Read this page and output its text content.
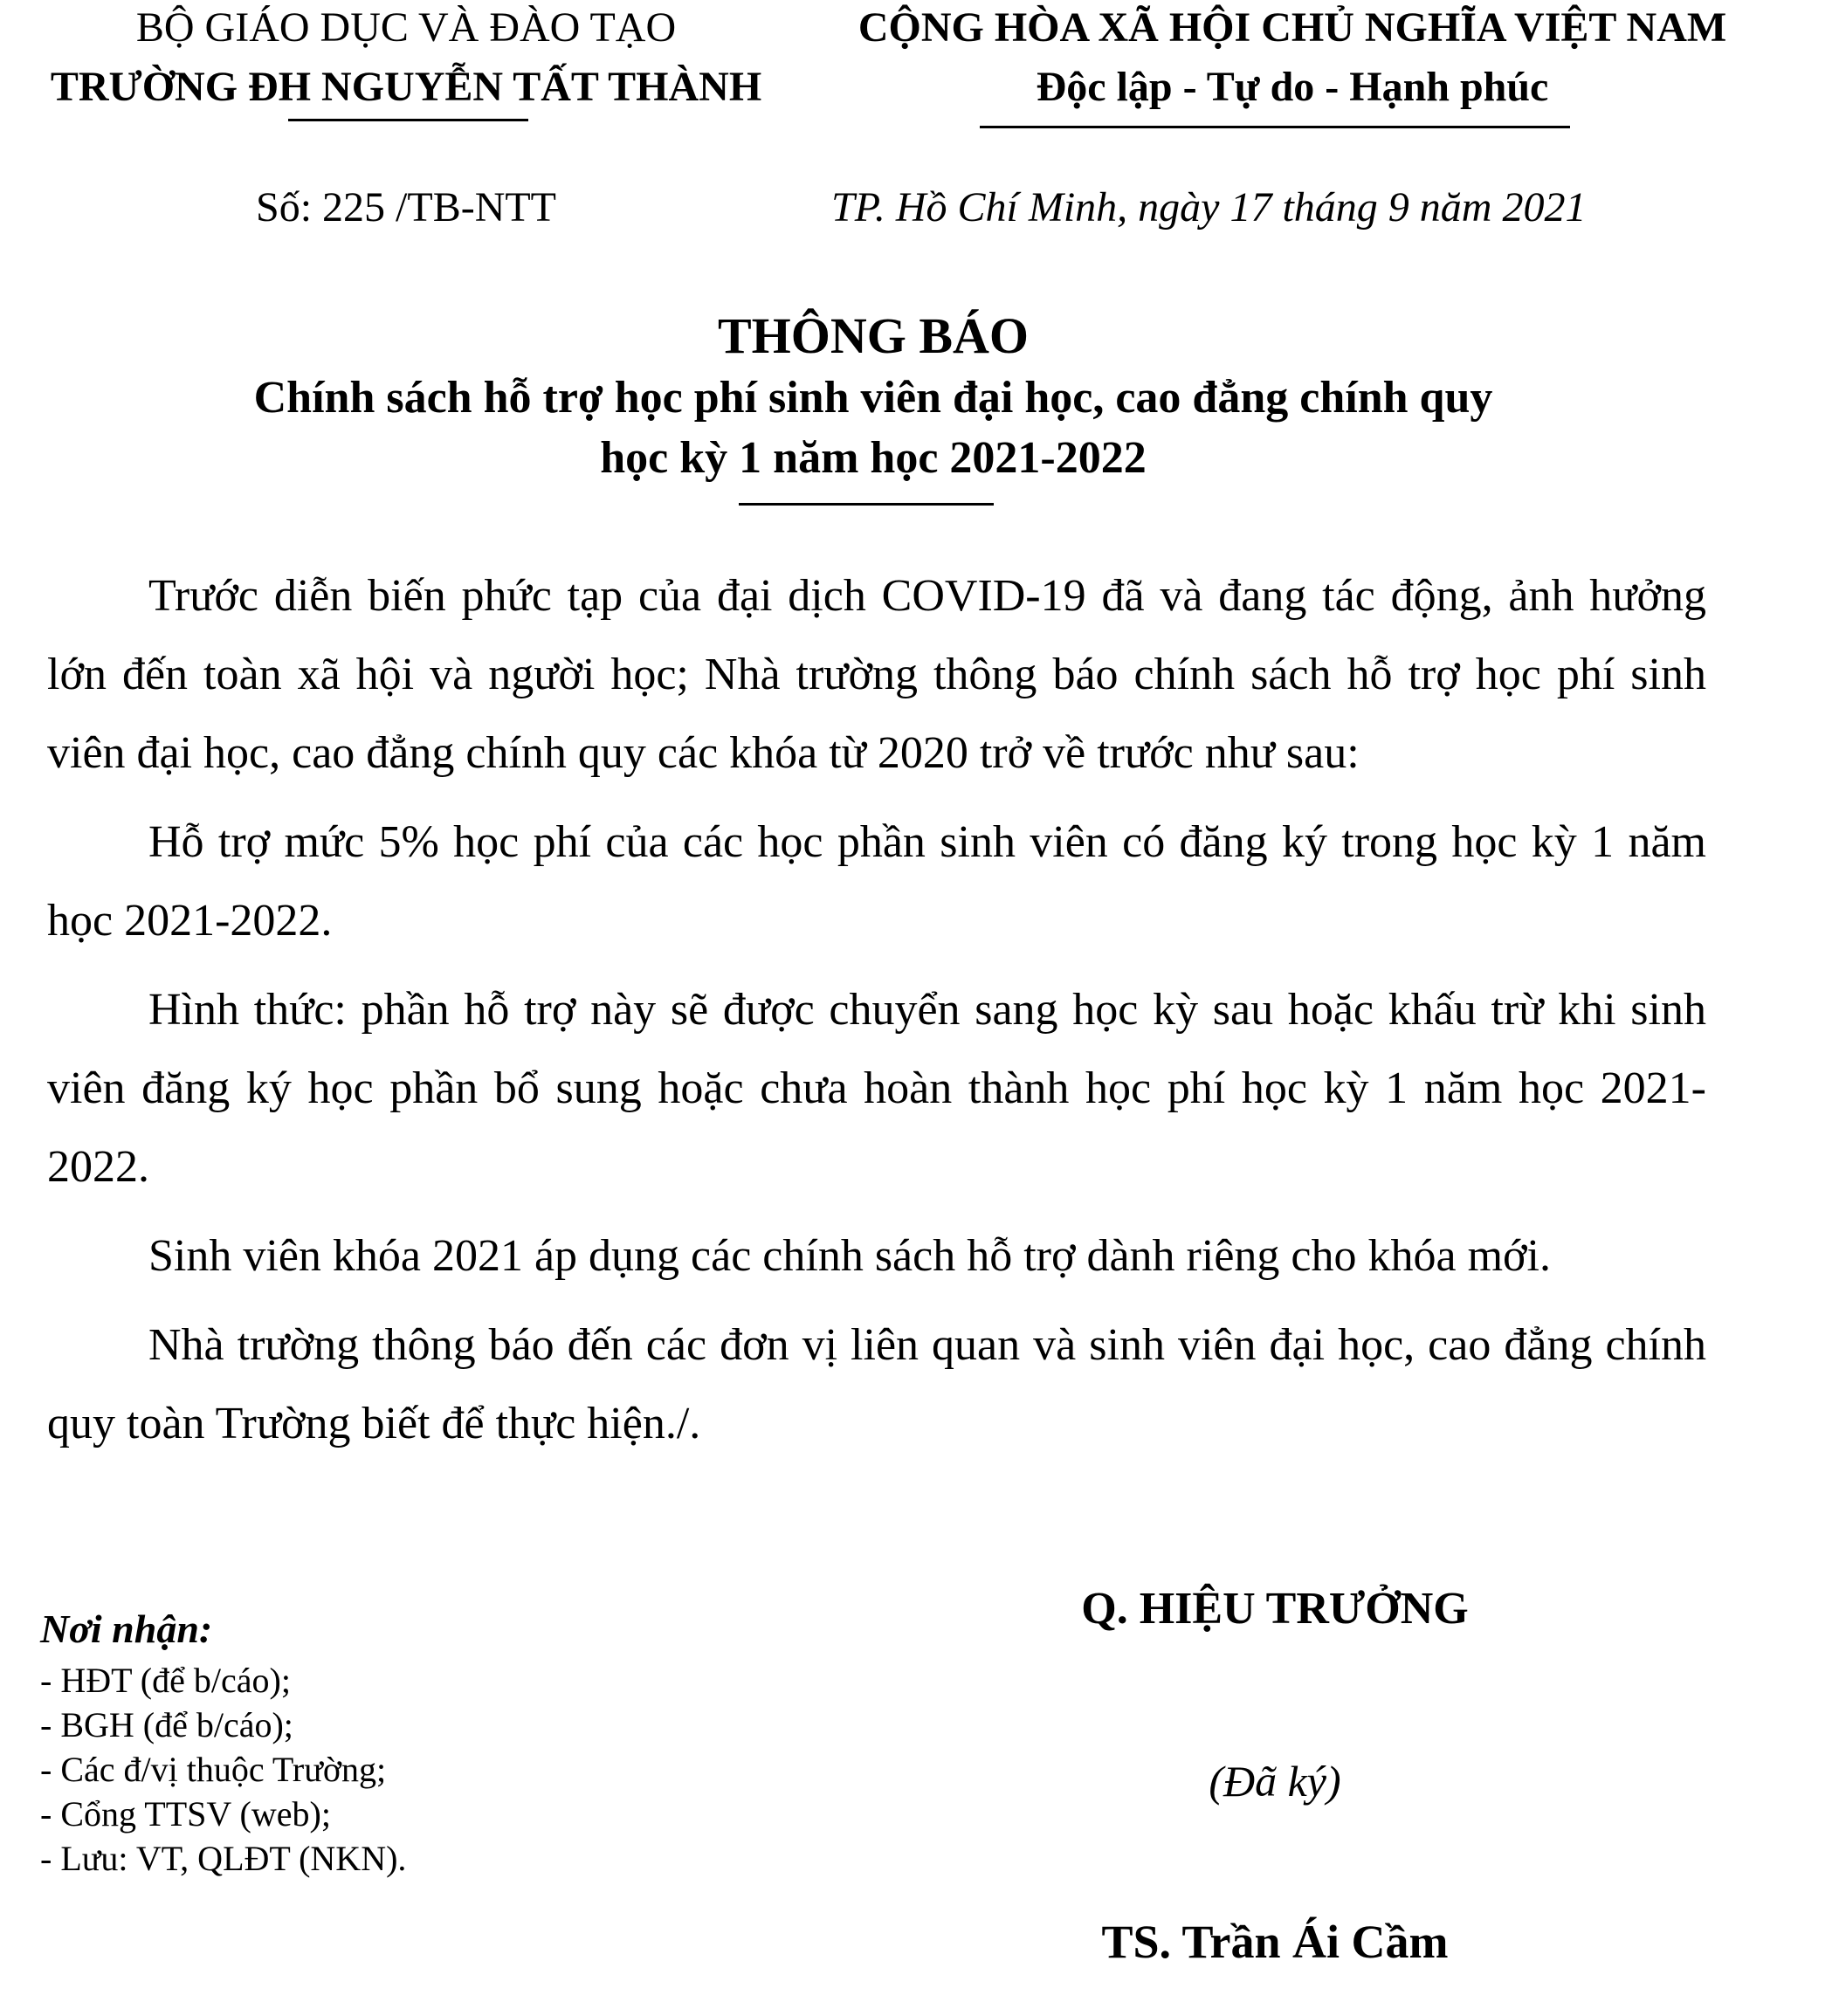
BỘ GIÁO DỤC VÀ ĐÀO TẠO
TRƯỜNG ĐH NGUYỄN TẤT THÀNH
CỘNG HÒA XÃ HỘI CHỦ NGHĨA VIỆT NAM
Độc lập - Tự do - Hạnh phúc
Số: 225 /TB-NTT	TP. Hồ Chí Minh, ngày 17 tháng 9 năm 2021
THÔNG BÁO
Chính sách hỗ trợ học phí sinh viên đại học, cao đẳng chính quy
học kỳ 1 năm học 2021-2022

Trước diễn biến phức tạp của đại dịch COVID-19 đã và đang tác động, ảnh hưởng lớn đến toàn xã hội và người học; Nhà trường thông báo chính sách hỗ trợ học phí sinh viên đại học, cao đẳng chính quy các khóa từ 2020 trở về trước như sau:

Hỗ trợ mức 5% học phí của các học phần sinh viên có đăng ký trong học kỳ 1 năm học 2021-2022.

Hình thức: phần hỗ trợ này sẽ được chuyển sang học kỳ sau hoặc khấu trừ khi sinh viên đăng ký học phần bổ sung hoặc chưa hoàn thành học phí học kỳ 1 năm học 2021-2022.

Sinh viên khóa 2021 áp dụng các chính sách hỗ trợ dành riêng cho khóa mới.

Nhà trường thông báo đến các đơn vị liên quan và sinh viên đại học, cao đẳng chính quy toàn Trường biết để thực hiện./.

Nơi nhận:
- HĐT (để b/cáo);
- BGH (để b/cáo);
- Các đ/vị thuộc Trường;
- Cổng TTSV (web);
- Lưu: VT, QLĐT (NKN).
Q. HIỆU TRƯỞNG
(Đã ký)
TS. Trần Ái Cầm
